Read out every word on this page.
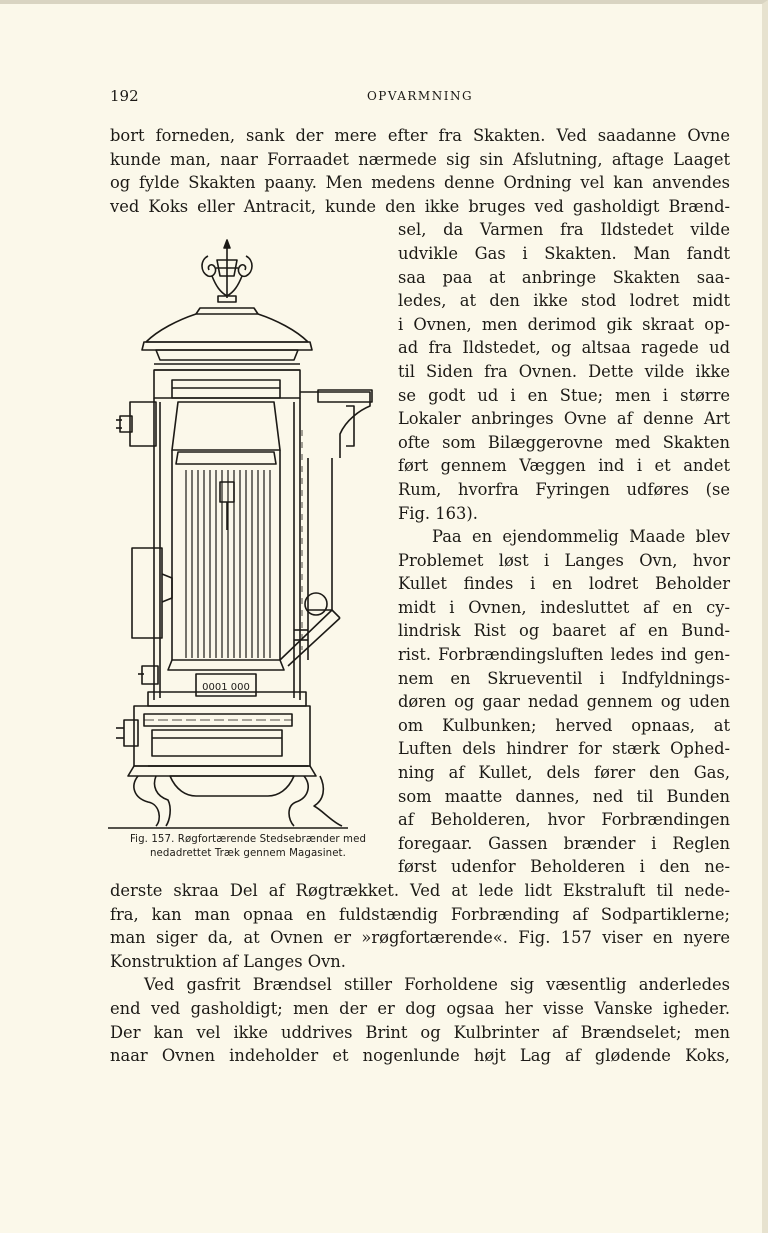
192	OPVARMNING
bort forneden, sank der mere efter fra Skakten. Ved saadanne Ovne
kunde man, naar Forraadet nærmede sig sin Afslutning, aftage Laaget
og fylde Skakten paany. Men medens denne Ordning vel kan anvendes
ved Koks eller Antracit, kunde den ikke bruges ved gasholdigt Brænd-
sel, da Varmen fra Ildstedet vilde
udvikle Gas i Skakten. Man fandt
saa paa at anbringe Skakten saa-
ledes, at den ikke stod lodret midt
i Ovnen, men derimod gik skraat op-
ad fra Ildstedet, og altsaa ragede ud
til Siden fra Ovnen. Dette vilde ikke
se godt ud i en Stue; men i større
Lokaler anbringes Ovne af denne Art
ofte som Bilæggerovne med Skakten
ført gennem Væggen ind i et andet
Rum, hvorfra Fyringen udføres (se
Fig. 163).
Paa en ejendommelig Maade blev
Problemet løst i Langes Ovn, hvor
Kullet findes i en lodret Beholder
midt i Ovnen, indesluttet af en cy-
lindrisk Rist og baaret af en Bund-
rist. Forbrændingsluften ledes ind gen-
nem en Skrueventil i Indfyldnings-
døren og gaar nedad gennem og uden
om Kulbunken; herved opnaas, at
Luften dels hindrer for stærk Ophed-
ning af Kullet, dels fører den Gas,
som maatte dannes, ned til Bunden
af Beholderen, hvor Forbrændingen
foregaar. Gassen brænder i Reglen
først udenfor Beholderen i den ne-
derste skraa Del af Røgtrækket. Ved at lede lidt Ekstraluft til nede-
fra, kan man opnaa en fuldstændig Forbrænding af Sodpartiklerne;
man siger da, at Ovnen er »røgfortærende«. Fig. 157 viser en nyere
Konstruktion af Langes Ovn.
Ved gasfrit Brændsel stiller Forholdene sig væsentlig anderledes
end ved gasholdigt; men der er dog ogsaa her visse Vanske igheder.
Der kan vel ikke uddrives Brint og Kulbrinter af Brændselet; men
naar Ovnen indeholder et nogenlunde højt Lag af glødende Koks,
0001 000
Fig. 157. Røgfortærende Stedsebrænder med
nedadrettet Træk gennem Magasinet.
